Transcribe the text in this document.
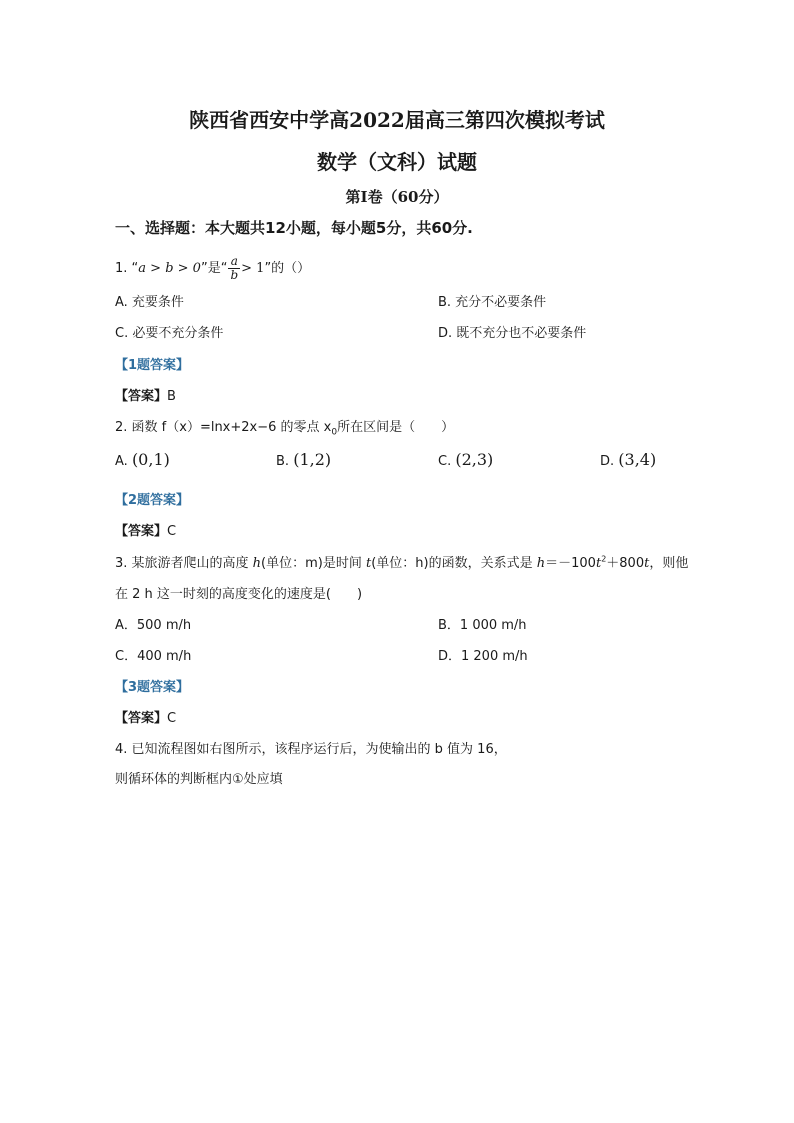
陕西省西安中学高2022届高三第四次模拟考试
数学（文科）试题
第Ⅰ卷（60分）
一、选择题：本大题共12小题，每小题5分，共60分.
1. “a > b > 0”是“ $\frac{a}{b} > 1$”的（）
A. 充要条件	B. 充分不必要条件
C. 必要不充分条件	D. 既不充分也不必要条件
【1题答案】
【答案】B
2. 函数 f（x）=lnx+2x−6 的零点 $x_0$所在区间是（　　）
A. (0,1)	B. (1,2)	C. (2,3)	D. (3,4)
【2题答案】
【答案】C
3. 某旅游者爬山的高度 h(单位：m)是时间 t(单位：h)的函数，关系式是 $h=-100t^2+800t$，则他
在 2 h 这一时刻的高度变化的速度是(　　)
A．500 m/h	B．1 000 m/h
C．400 m/h	D．1 200 m/h
【3题答案】
【答案】C
4. 已知流程图如右图所示，该程序运行后，为使输出的 b 值为 16，
则循环体的判断框内①处应填
